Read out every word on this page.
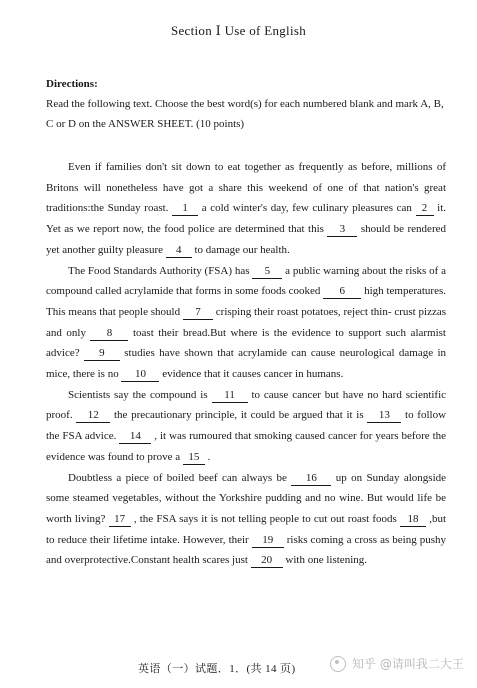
Section Ⅰ Use of English
Directions:
Read the following text. Choose the best word(s) for each numbered blank and mark A, B, C or D on the ANSWER SHEET. (10 points)

Even if families don't sit down to eat together as frequently as before, millions of Britons will nonetheless have got a share this weekend of one of that nation's great traditions:the Sunday roast. 1 a cold winter's day, few culinary pleasures can 2 it. Yet as we report now, the food police are determined that this 3 should be rendered yet another guilty pleasure 4 to damage our health.

The Food Standards Authority (FSA) has 5 a public warning about the risks of a compound called acrylamide that forms in some foods cooked 6 high temperatures. This means that people should 7 crisping their roast potatoes, reject thin- crust pizzas and only 8 toast their bread.But where is the evidence to support such alarmist advice? 9 studies have shown that acrylamide can cause neurological damage in mice, there is no 10 evidence that it causes cancer in humans.

Scientists say the compound is 11 to cause cancer but have no hard scientific proof. 12 the precautionary principle, it could be argued that it is 13 to follow the FSA advice. 14 , it was rumoured that smoking caused cancer for years before the evidence was found to prove a 15 .

Doubtless a piece of boiled beef can always be 16 up on Sunday alongside some steamed vegetables, without the Yorkshire pudding and no wine. But would life be worth living? 17 , the FSA says it is not telling people to cut out roast foods 18 ,but to reduce their lifetime intake. However, their 19 risks coming a cross as being pushy and overprotective.Constant health scares just 20 with one listening.

英语（一）试题．1．(共 14 页)	知乎 @请叫我二大王
